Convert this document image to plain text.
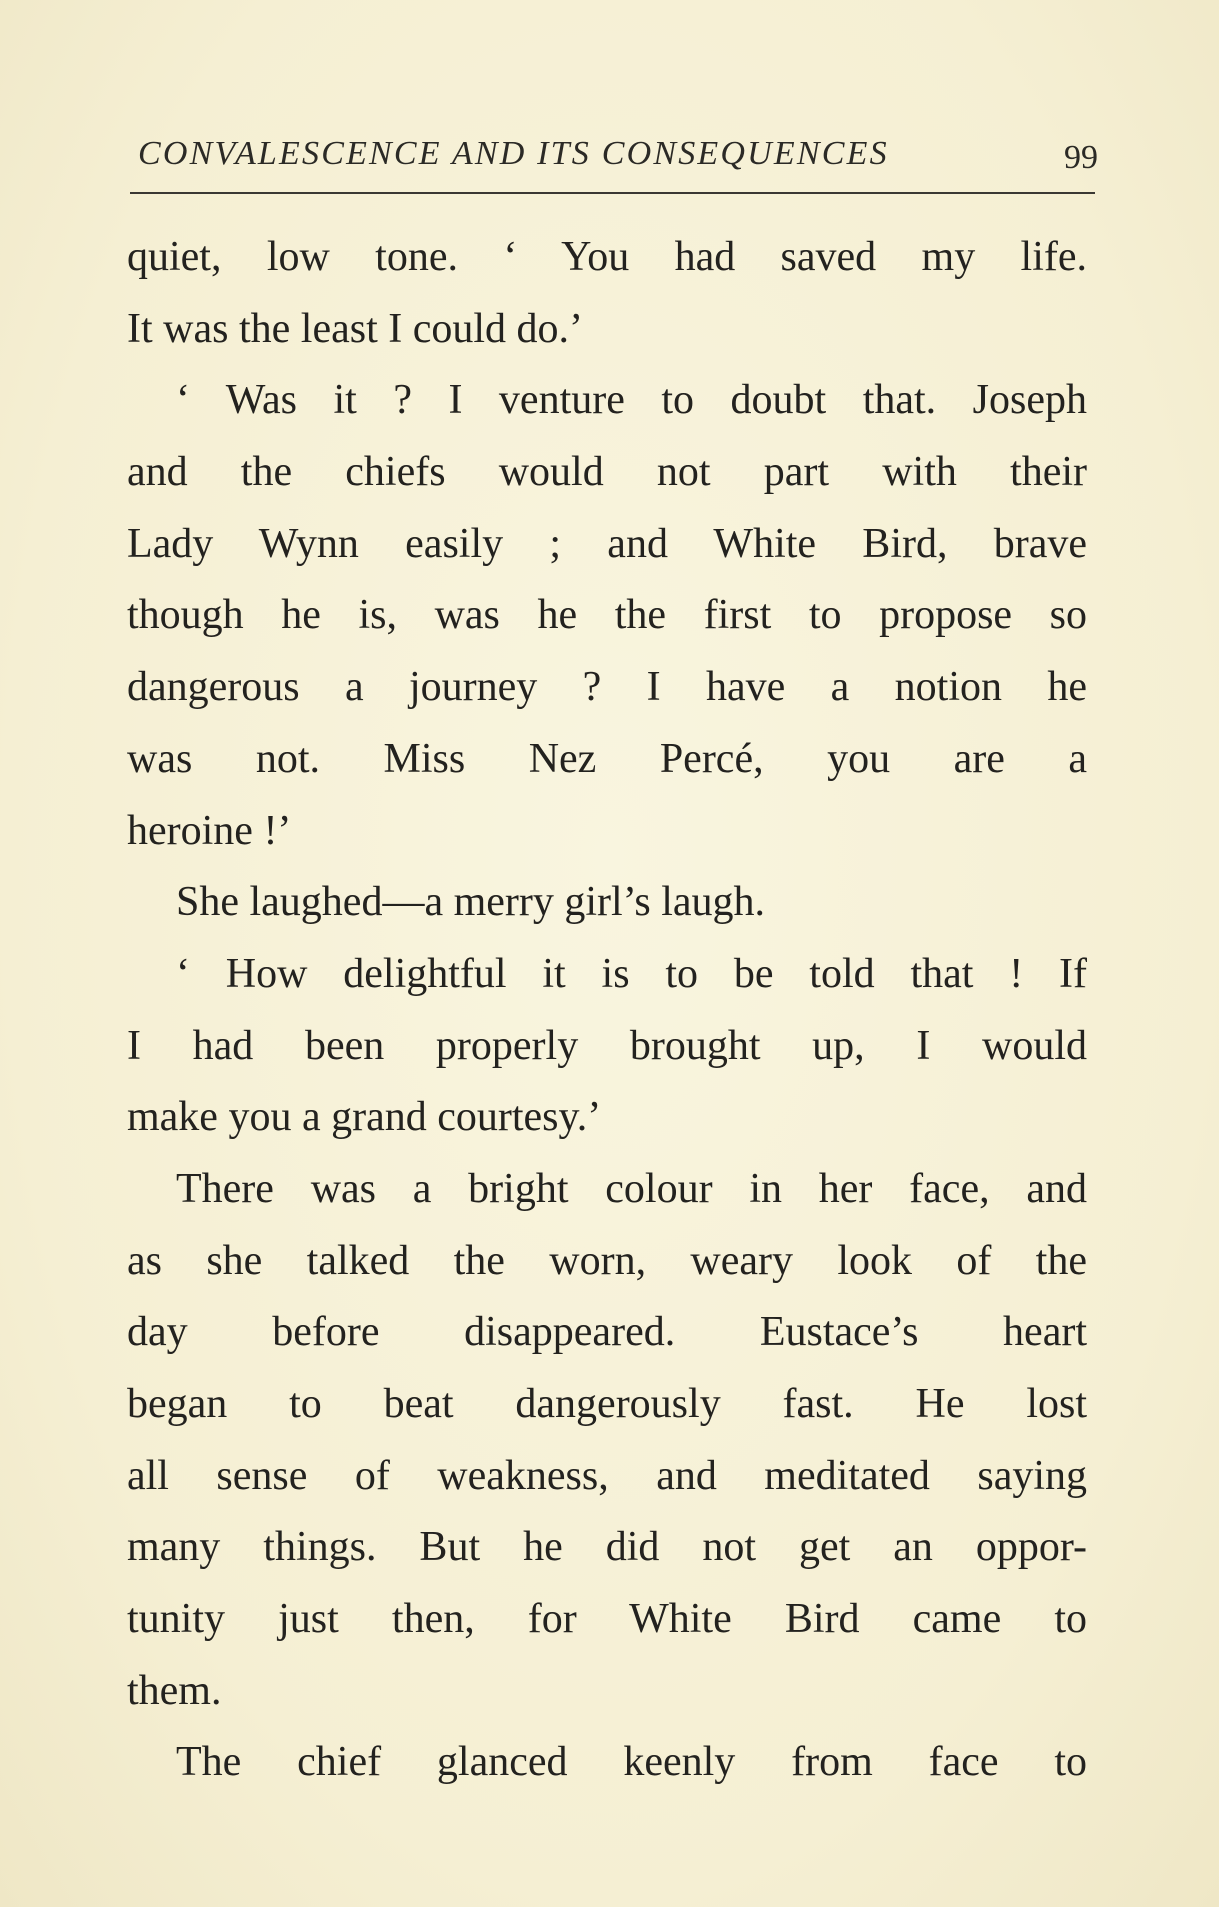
CONVALESCENCE AND ITS CONSEQUENCES	99
quiet, low tone. ‘ You had saved my life.
It was the least I could do.’
‘ Was it ? I venture to doubt that. Joseph
and the chiefs would not part with their
Lady Wynn easily ; and White Bird, brave
though he is, was he the first to propose so
dangerous a journey ? I have a notion he
was not. Miss Nez Percé, you are a
heroine !’
She laughed—a merry girl’s laugh.
‘ How delightful it is to be told that ! If
I had been properly brought up, I would
make you a grand courtesy.’
There was a bright colour in her face, and
as she talked the worn, weary look of the
day before disappeared. Eustace’s heart
began to beat dangerously fast. He lost
all sense of weakness, and meditated saying
many things. But he did not get an oppor-
tunity just then, for White Bird came to
them.
The chief glanced keenly from face to
